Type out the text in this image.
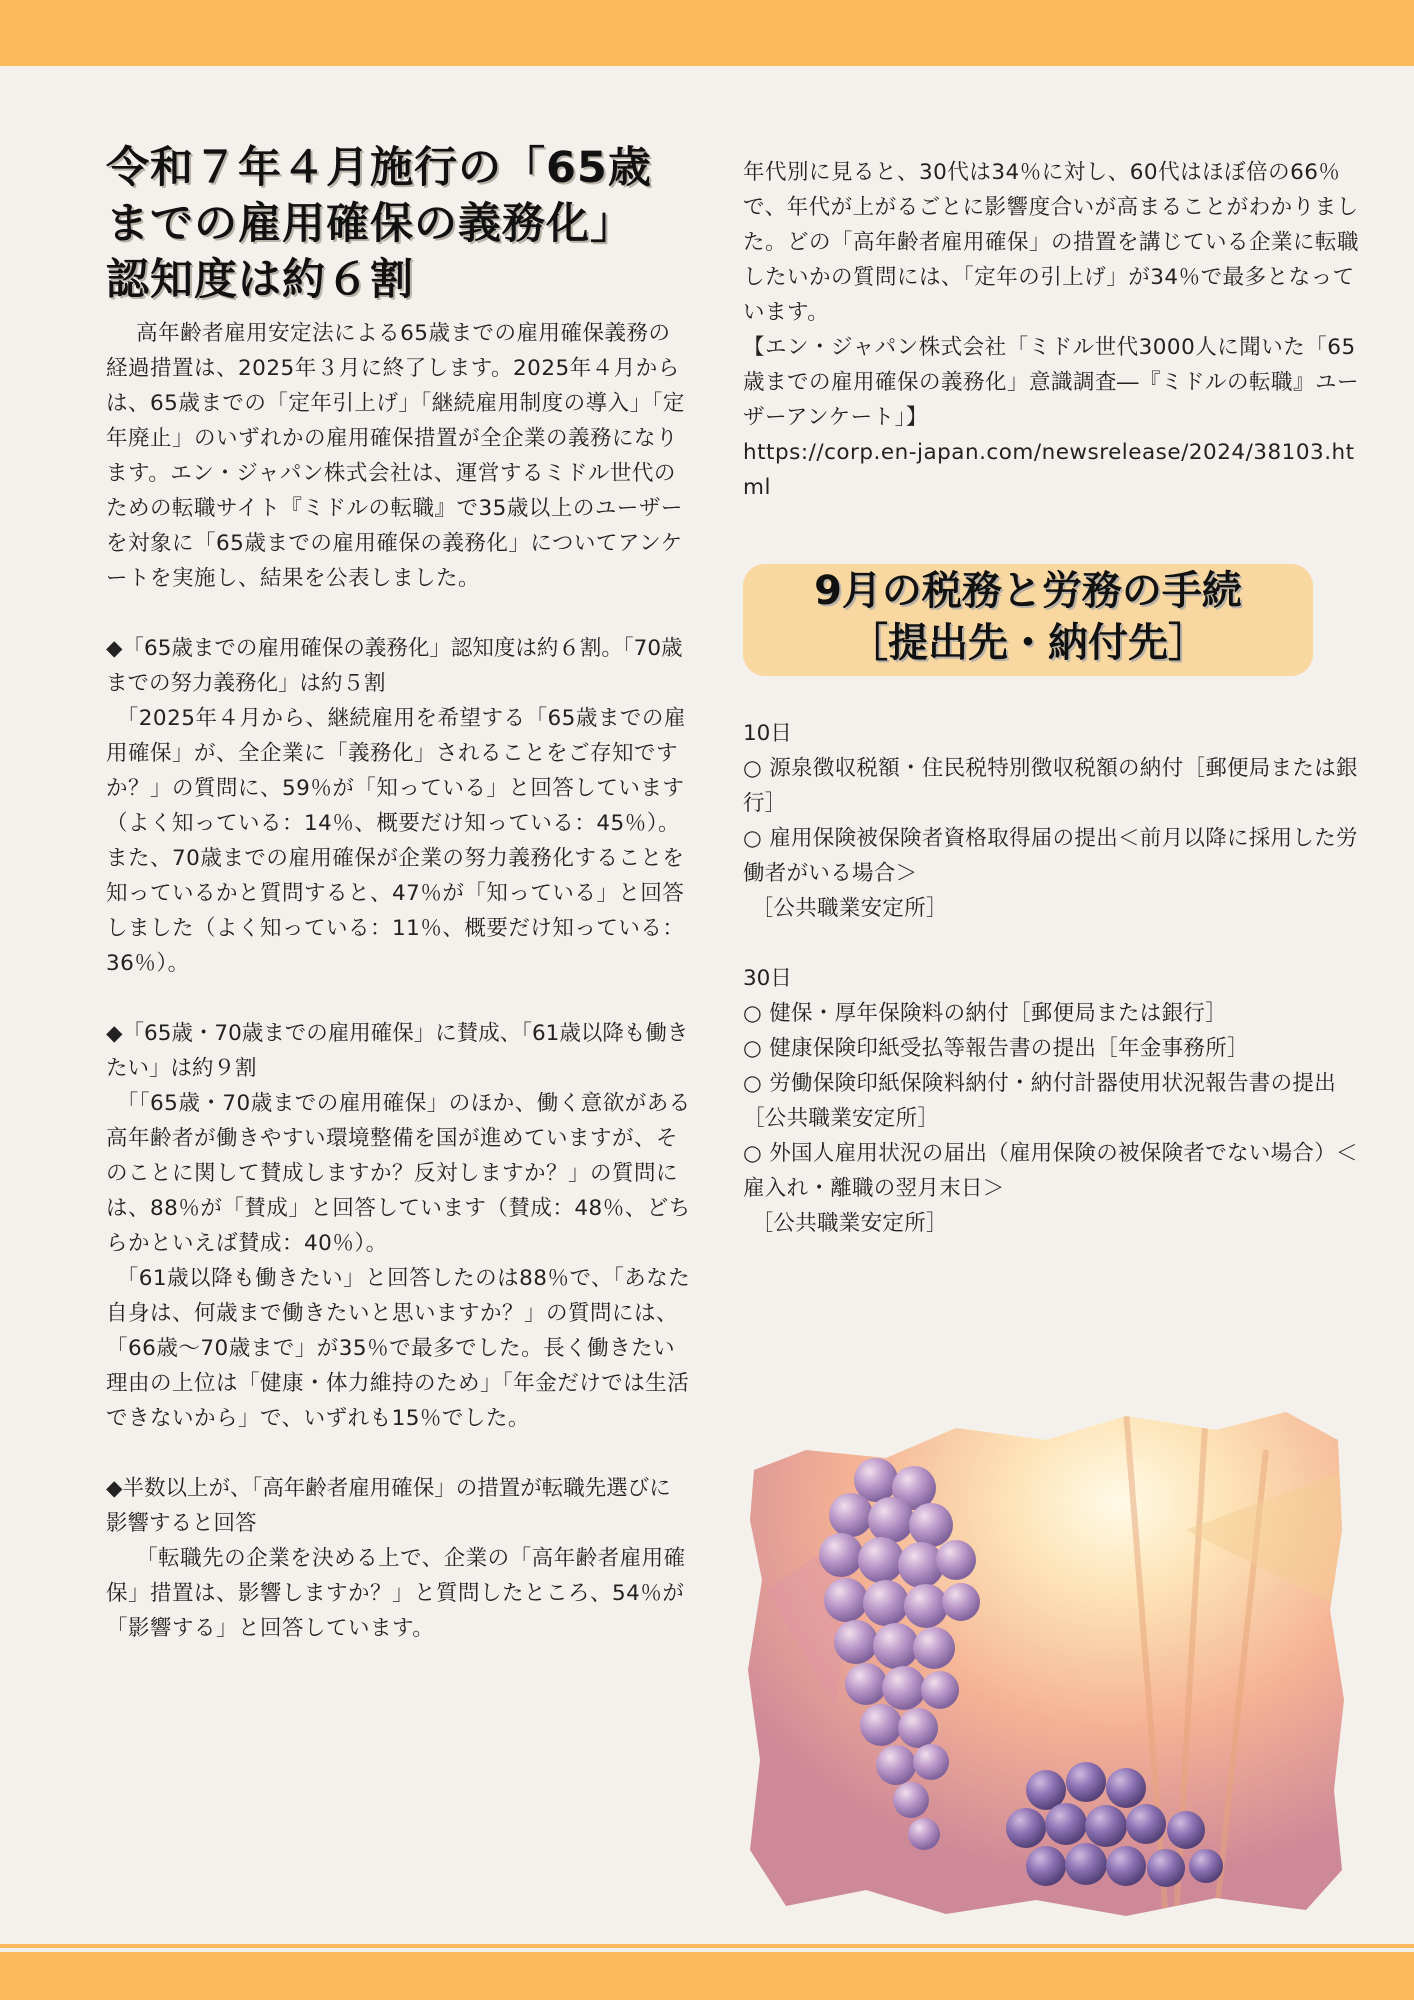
令和７年４月施行の「65歳
までの雇用確保の義務化」
認知度は約６割

高年齢者雇用安定法による65歳までの雇用確保義務の経過措置は、2025年３月に終了します。2025年４月からは、65歳までの「定年引上げ」「継続雇用制度の導入」「定年廃止」のいずれかの雇用確保措置が全企業の義務になります。エン・ジャパン株式会社は、運営するミドル世代のための転職サイト『ミドルの転職』で35歳以上のユーザーを対象に「65歳までの雇用確保の義務化」についてアンケートを実施し、結果を公表しました。

◆「65歳までの雇用確保の義務化」認知度は約６割。「70歳までの努力義務化」は約５割

「2025年４月から、継続雇用を希望する「65歳までの雇用確保」が、全企業に「義務化」されることをご存知ですか？」の質問に、59％が「知っている」と回答しています（よく知っている：14％、概要だけ知っている：45％）。また、70歳までの雇用確保が企業の努力義務化することを知っているかと質問すると、47％が「知っている」と回答しました（よく知っている：11％、概要だけ知っている：36％）。

◆「65歳・70歳までの雇用確保」に賛成、「61歳以降も働きたい」は約９割

「「65歳・70歳までの雇用確保」のほか、働く意欲がある高年齢者が働きやすい環境整備を国が進めていますが、そのことに関して賛成しますか？反対しますか？」の質問には、88％が「賛成」と回答しています（賛成：48％、どちらかといえば賛成：40％）。

「61歳以降も働きたい」と回答したのは88％で、「あなた自身は、何歳まで働きたいと思いますか？」の質問には、「66歳～70歳まで」が35％で最多でした。長く働きたい理由の上位は「健康・体力維持のため」「年金だけでは生活できないから」で、いずれも15％でした。

◆半数以上が、「高年齢者雇用確保」の措置が転職先選びに影響すると回答

「転職先の企業を決める上で、企業の「高年齢者雇用確保」措置は、影響しますか？」と質問したところ、54％が「影響する」と回答しています。

年代別に見ると、30代は34％に対し、60代はほぼ倍の66％で、年代が上がるごとに影響度合いが高まることがわかりました。どの「高年齢者雇用確保」の措置を講じている企業に転職したいかの質問には、「定年の引上げ」が34％で最多となっています。

【エン・ジャパン株式会社「ミドル世代3000人に聞いた「65歳までの雇用確保の義務化」意識調査―『ミドルの転職』ユーザーアンケート」】

https://corp.en-japan.com/newsrelease/2024/38103.html

9月の税務と労務の手続

［提出先・納付先］

10日

○ 源泉徴収税額・住民税特別徴収税額の納付［郵便局または銀行］

○ 雇用保険被保険者資格取得届の提出＜前月以降に採用した労働者がいる場合＞

［公共職業安定所］

30日

○ 健保・厚年保険料の納付［郵便局または銀行］

○ 健康保険印紙受払等報告書の提出［年金事務所］

○ 労働保険印紙保険料納付・納付計器使用状況報告書の提出［公共職業安定所］

○ 外国人雇用状況の届出（雇用保険の被保険者でない場合）＜雇入れ・離職の翌月末日＞

［公共職業安定所］
